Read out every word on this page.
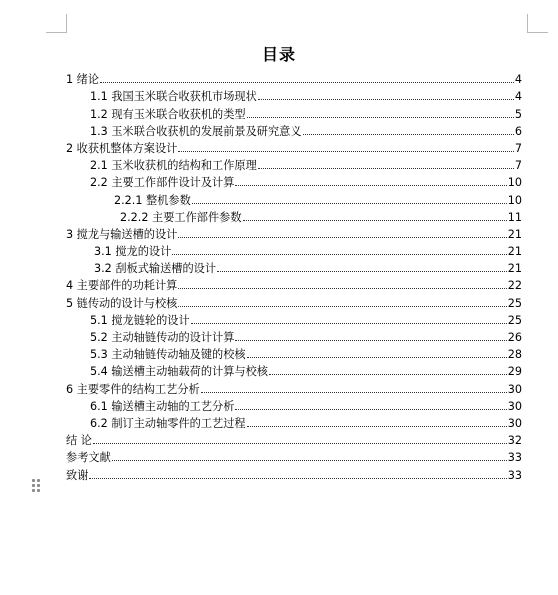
目录
1 绪论	4
1.1 我国玉米联合收获机市场现状	4
1.2 现有玉米联合收获机的类型	5
1.3 玉米联合收获机的发展前景及研究意义	6
2 收获机整体方案设计	7
2.1 玉米收获机的结构和工作原理	7
2.2 主要工作部件设计及计算	10
2.2.1 整机参数	10
2.2.2 主要工作部件参数	11
3 搅龙与输送槽的设计	21
3.1 搅龙的设计	21
3.2 刮板式输送槽的设计	21
4 主要部件的功耗计算	22
5 链传动的设计与校核	25
5.1 搅龙链轮的设计	25
5.2 主动轴链传动的设计计算	26
5.3 主动轴链传动轴及键的校核	28
5.4 输送槽主动轴载荷的计算与校核	29
6 主要零件的结构工艺分析	30
6.1 输送槽主动轴的工艺分析	30
6.2 制订主动轴零件的工艺过程	30
结 论	32
参考文献	33
致谢	33
